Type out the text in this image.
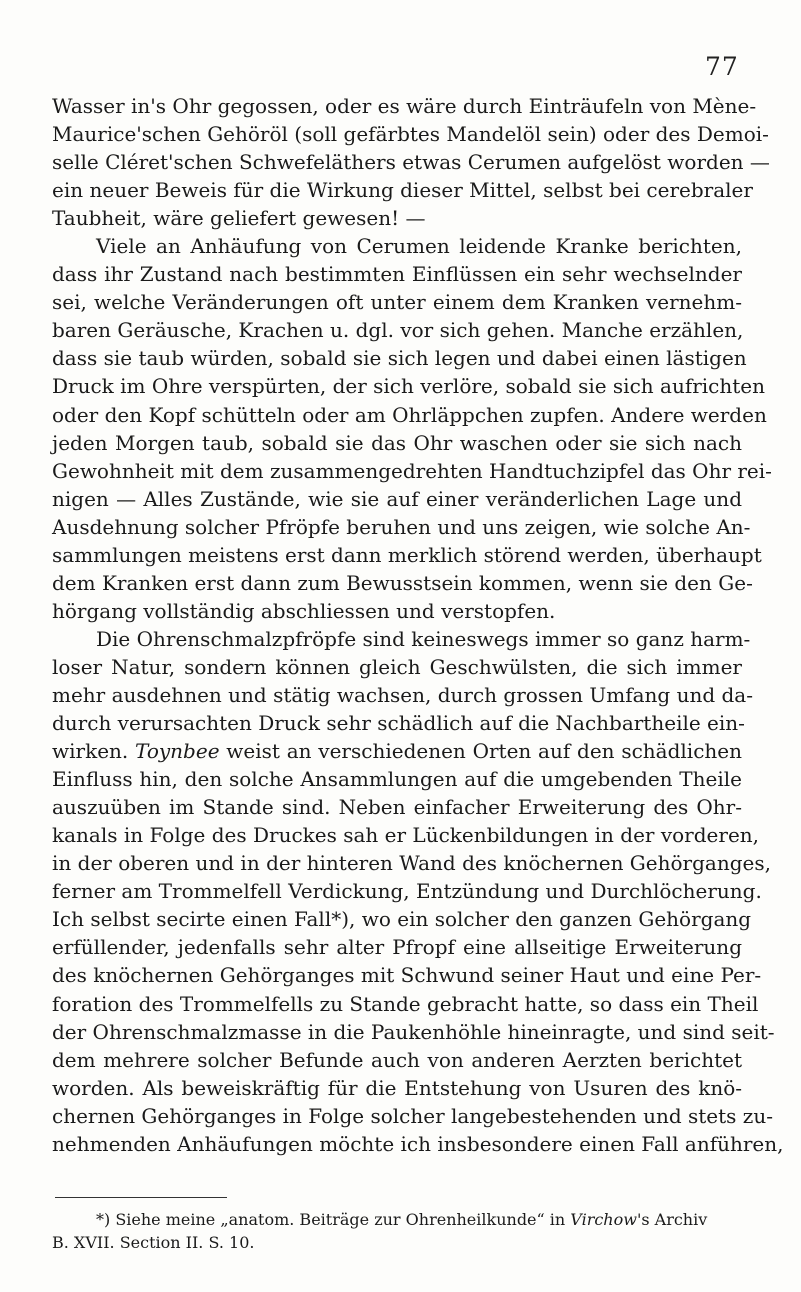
77
Wasser in's Ohr gegossen, oder es wäre durch Einträufeln von Mène-
Maurice'schen Gehöröl (soll gefärbtes Mandelöl sein) oder des Demoi-
selle Cléret'schen Schwefeläthers etwas Cerumen aufgelöst worden —
ein neuer Beweis für die Wirkung dieser Mittel, selbst bei cerebraler
Taubheit, wäre geliefert gewesen! —
Viele an Anhäufung von Cerumen leidende Kranke berichten,
dass ihr Zustand nach bestimmten Einflüssen ein sehr wechselnder
sei, welche Veränderungen oft unter einem dem Kranken vernehm-
baren Geräusche, Krachen u. dgl. vor sich gehen. Manche erzählen,
dass sie taub würden, sobald sie sich legen und dabei einen lästigen
Druck im Ohre verspürten, der sich verlöre, sobald sie sich aufrichten
oder den Kopf schütteln oder am Ohrläppchen zupfen. Andere werden
jeden Morgen taub, sobald sie das Ohr waschen oder sie sich nach
Gewohnheit mit dem zusammengedrehten Handtuchzipfel das Ohr rei-
nigen — Alles Zustände, wie sie auf einer veränderlichen Lage und
Ausdehnung solcher Pfröpfe beruhen und uns zeigen, wie solche An-
sammlungen meistens erst dann merklich störend werden, überhaupt
dem Kranken erst dann zum Bewusstsein kommen, wenn sie den Ge-
hörgang vollständig abschliessen und verstopfen.
Die Ohrenschmalzpfröpfe sind keineswegs immer so ganz harm-
loser Natur, sondern können gleich Geschwülsten, die sich immer
mehr ausdehnen und stätig wachsen, durch grossen Umfang und da-
durch verursachten Druck sehr schädlich auf die Nachbartheile ein-
wirken. Toynbee weist an verschiedenen Orten auf den schädlichen
Einfluss hin, den solche Ansammlungen auf die umgebenden Theile
auszuüben im Stande sind. Neben einfacher Erweiterung des Ohr-
kanals in Folge des Druckes sah er Lückenbildungen in der vorderen,
in der oberen und in der hinteren Wand des knöchernen Gehörganges,
ferner am Trommelfell Verdickung, Entzündung und Durchlöcherung.
Ich selbst secirte einen Fall*), wo ein solcher den ganzen Gehörgang
erfüllender, jedenfalls sehr alter Pfropf eine allseitige Erweiterung
des knöchernen Gehörganges mit Schwund seiner Haut und eine Per-
foration des Trommelfells zu Stande gebracht hatte, so dass ein Theil
der Ohrenschmalzmasse in die Paukenhöhle hineinragte, und sind seit-
dem mehrere solcher Befunde auch von anderen Aerzten berichtet
worden. Als beweiskräftig für die Entstehung von Usuren des knö-
chernen Gehörganges in Folge solcher langebestehenden und stets zu-
nehmenden Anhäufungen möchte ich insbesondere einen Fall anführen,
*) Siehe meine „anatom. Beiträge zur Ohrenheilkunde“ in Virchow's Archiv
B. XVII. Section II. S. 10.
